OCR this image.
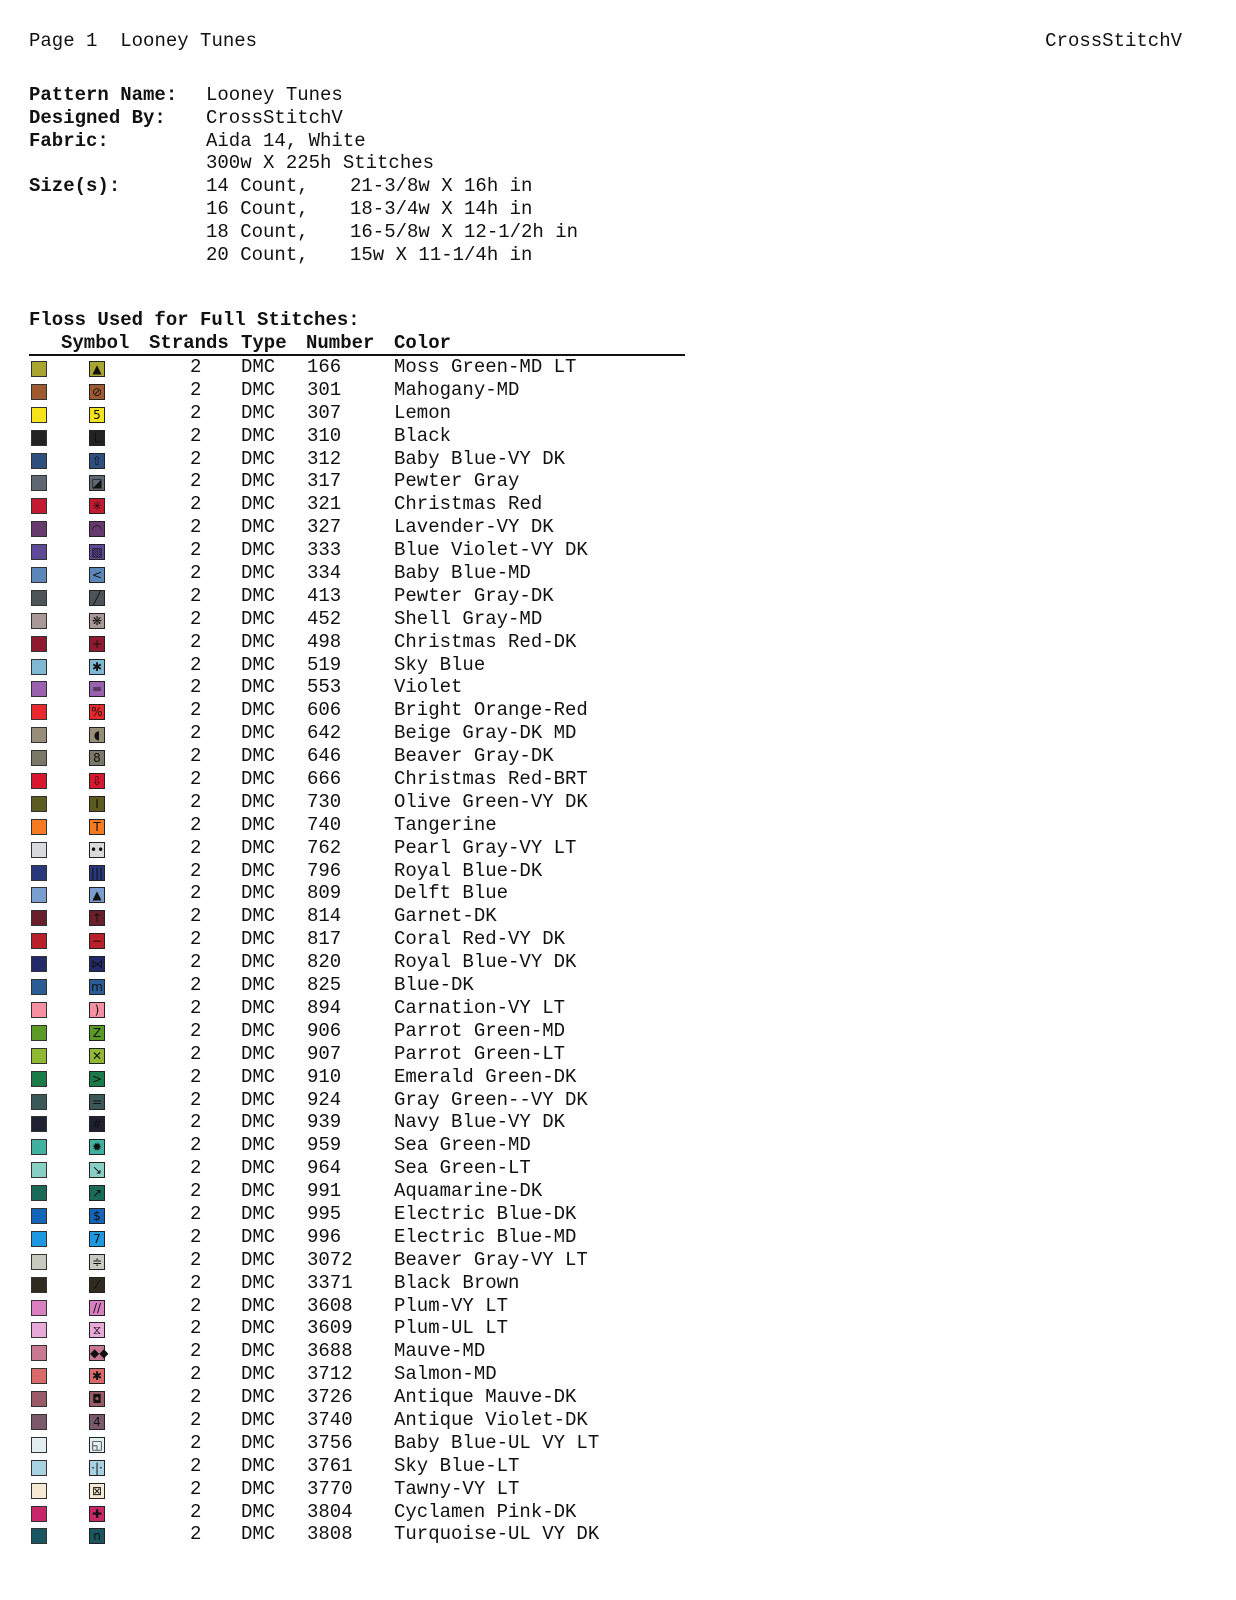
Page 1 Looney Tunes	CrossStitchV
Pattern Name:	Looney Tunes
Designed By:	CrossStitchV
Fabric:	Aida 14, White
300w X 225h Stitches
Size(s):	14 Count, 21-3/8w X 16h in
16 Count, 18-3/4w X 14h in
18 Count, 16-5/8w X 12-1/2h in
20 Count, 15w X 11-1/4h in
Floss Used for Full Stitches:
Symbol Strands Type Number Color
▲	2 DMC 166	Moss Green-MD LT
⊘	2 DMC 301	Mahogany-MD
5	2 DMC 307	Lemon
L	2 DMC 310	Black
⇧	2 DMC 312	Baby Blue-VY DK
◪	2 DMC 317	Pewter Gray
✳	2 DMC 321	Christmas Red
◠	2 DMC 327	Lavender-VY DK
▧	2 DMC 333	Blue Violet-VY DK
<	2 DMC 334	Baby Blue-MD
╱	2 DMC 413	Pewter Gray-DK
❋	2 DMC 452	Shell Gray-MD
+	2 DMC 498	Christmas Red-DK
✱	2 DMC 519	Sky Blue
═	2 DMC 553	Violet
%	2 DMC 606	Bright Orange-Red
◖	2 DMC 642	Beige Gray-DK MD
8	2 DMC 646	Beaver Gray-DK
⇩	2 DMC 666	Christmas Red-BRT
I	2 DMC 730	Olive Green-VY DK
T	2 DMC 740	Tangerine
••	2 DMC 762	Pearl Gray-VY LT
|||	2 DMC 796	Royal Blue-DK
▲	2 DMC 809	Delft Blue
↑	2 DMC 814	Garnet-DK
−	2 DMC 817	Coral Red-VY DK
⋈	2 DMC 820	Royal Blue-VY DK
m	2 DMC 825	Blue-DK
)	2 DMC 894	Carnation-VY LT
Z	2 DMC 906	Parrot Green-MD
✕	2 DMC 907	Parrot Green-LT
>	2 DMC 910	Emerald Green-DK
=	2 DMC 924	Gray Green--VY DK
#	2 DMC 939	Navy Blue-VY DK
✹	2 DMC 959	Sea Green-MD
↘	2 DMC 964	Sea Green-LT
↗	2 DMC 991	Aquamarine-DK
$	2 DMC 995	Electric Blue-DK
7	2 DMC 996	Electric Blue-MD
≑	2 DMC 3072 Beaver Gray-VY LT
⁄	2 DMC 3371 Black Brown
//	2 DMC 3608 Plum-VY LT
⧖	2 DMC 3609 Plum-UL LT
◆◆	2 DMC 3688 Mauve-MD
✱	2 DMC 3712 Salmon-MD
◘	2 DMC 3726 Antique Mauve-DK
4	2 DMC 3740 Antique Violet-DK
◱	2 DMC 3756 Baby Blue-UL VY LT
·|·	2 DMC 3761 Sky Blue-LT
⊠	2 DMC 3770 Tawny-VY LT
✚	2 DMC 3804 Cyclamen Pink-DK
n	2 DMC 3808 Turquoise-UL VY DK
